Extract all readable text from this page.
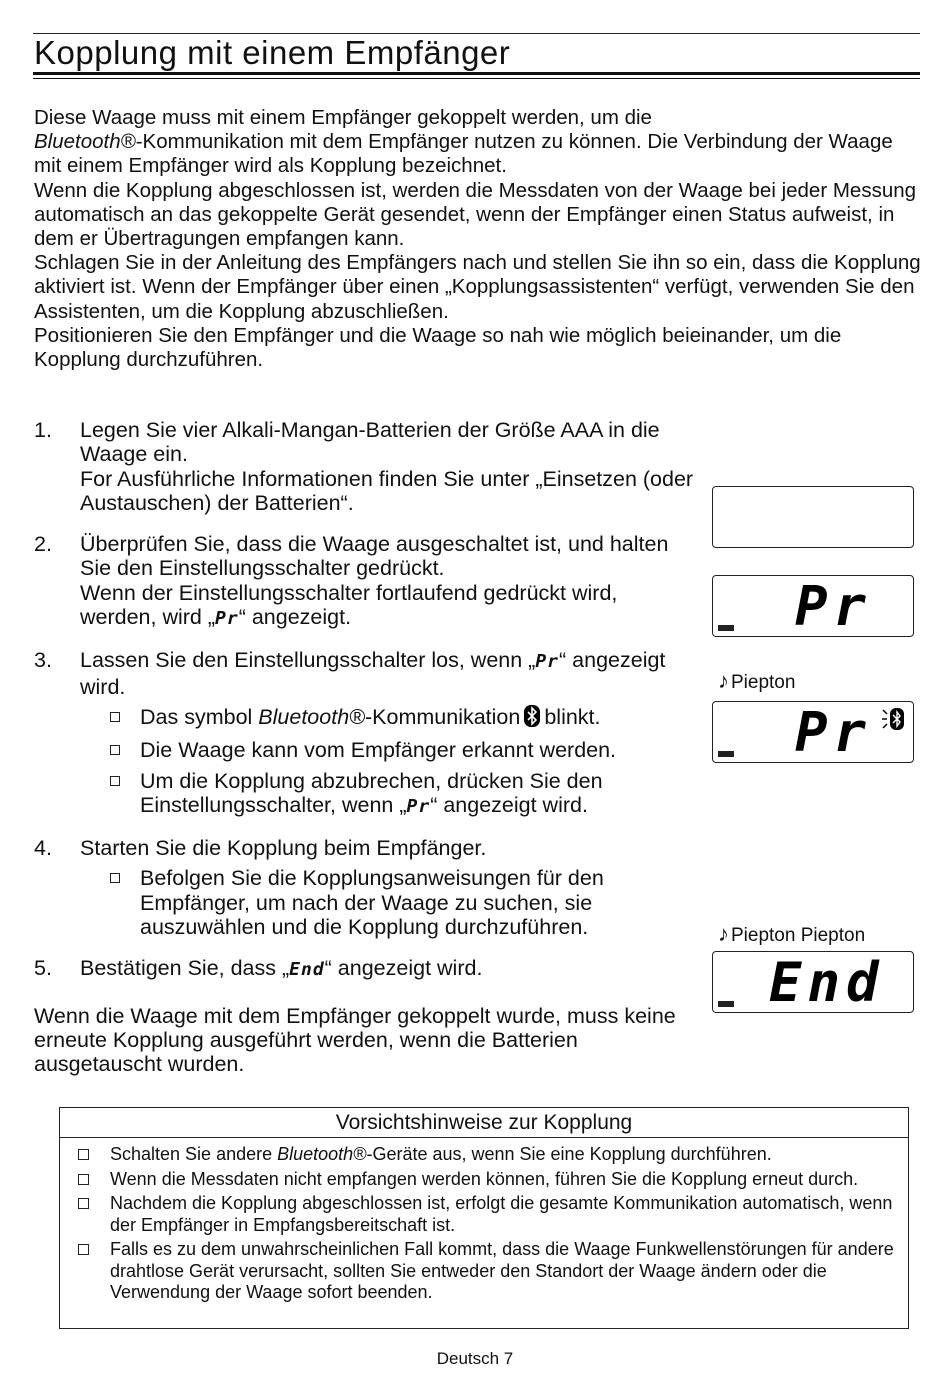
Kopplung mit einem Empfänger

Diese Waage muss mit einem Empfänger gekoppelt werden, um die
Bluetooth®-Kommunikation mit dem Empfänger nutzen zu können. Die Verbindung der Waage mit einem Empfänger wird als Kopplung bezeichnet.

Wenn die Kopplung abgeschlossen ist, werden die Messdaten von der Waage bei jeder Messung automatisch an das gekoppelte Gerät gesendet, wenn der Empfänger einen Status aufweist, in dem er Übertragungen empfangen kann.

Schlagen Sie in der Anleitung des Empfängers nach und stellen Sie ihn so ein, dass die Kopplung aktiviert ist. Wenn der Empfänger über einen „Kopplungsassistenten“ verfügt, verwenden Sie den Assistenten, um die Kopplung abzuschließen.

Positionieren Sie den Empfänger und die Waage so nah wie möglich beieinander, um die Kopplung durchzuführen.

1. Legen Sie vier Alkali-Mangan-Batterien der Größe AAA in die Waage ein.

For Ausführliche Informationen finden Sie unter „Einsetzen (oder Austauschen) der Batterien“.

2. Überprüfen Sie, dass die Waage ausgeschaltet ist, und halten Sie den Einstellungsschalter gedrückt.

Wenn der Einstellungsschalter fortlaufend gedrückt wird, werden, wird „Pr“ angezeigt.

3. Lassen Sie den Einstellungsschalter los, wenn „Pr“ angezeigt wird.

Das symbol Bluetooth®-Kommunikation blinkt.
Die Waage kann vom Empfänger erkannt werden.
Um die Kopplung abzubrechen, drücken Sie den Einstellungsschalter, wenn „Pr“ angezeigt wird.
4. Starten Sie die Kopplung beim Empfänger.

Befolgen Sie die Kopplungsanweisungen für den Empfänger, um nach der Waage zu suchen, sie auszuwählen und die Kopplung durchzuführen.
5. Bestätigen Sie, dass „End“ angezeigt wird.

Wenn die Waage mit dem Empfänger gekoppelt wurde, muss keine erneute Kopplung ausgeführt werden, wenn die Batterien ausgetauscht wurden.

Pr
♪ Piepton
Pr
♪ Piepton Piepton
End
Vorsichtshinweise zur Kopplung
Schalten Sie andere Bluetooth®-Geräte aus, wenn Sie eine Kopplung durchführen.
Wenn die Messdaten nicht empfangen werden können, führen Sie die Kopplung erneut durch.
Nachdem die Kopplung abgeschlossen ist, erfolgt die gesamte Kommunikation automatisch, wenn der Empfänger in Empfangsbereitschaft ist.
Falls es zu dem unwahrscheinlichen Fall kommt, dass die Waage Funkwellenstörungen für andere drahtlose Gerät verursacht, sollten Sie entweder den Standort der Waage ändern oder die Verwendung der Waage sofort beenden.
Deutsch 7
